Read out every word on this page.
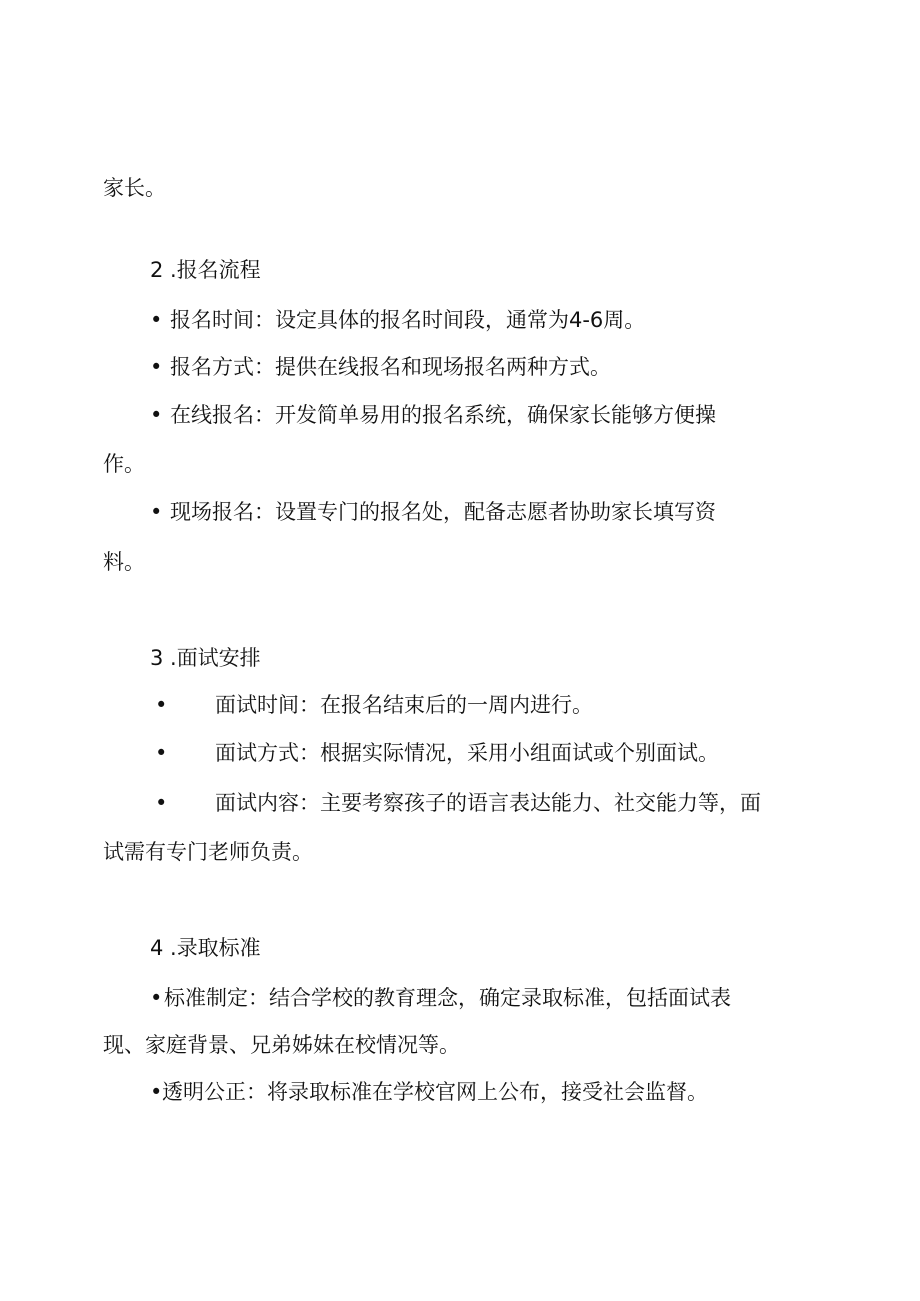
家长。

2 .报名流程

• 报名时间：设定具体的报名时间段，通常为4-6周。

• 报名方式：提供在线报名和现场报名两种方式。

• 在线报名：开发简单易用的报名系统，确保家长能够方便操

作。

• 现场报名：设置专门的报名处，配备志愿者协助家长填写资

料。

3 .面试安排

• 面试时间：在报名结束后的一周内进行。

• 面试方式：根据实际情况，采用小组面试或个别面试。

• 面试内容：主要考察孩子的语言表达能力、社交能力等，面

试需有专门老师负责。

4 .录取标准

•标准制定：结合学校的教育理念，确定录取标准，包括面试表

现、家庭背景、兄弟姊妹在校情况等。

•透明公正：将录取标准在学校官网上公布，接受社会监督。
